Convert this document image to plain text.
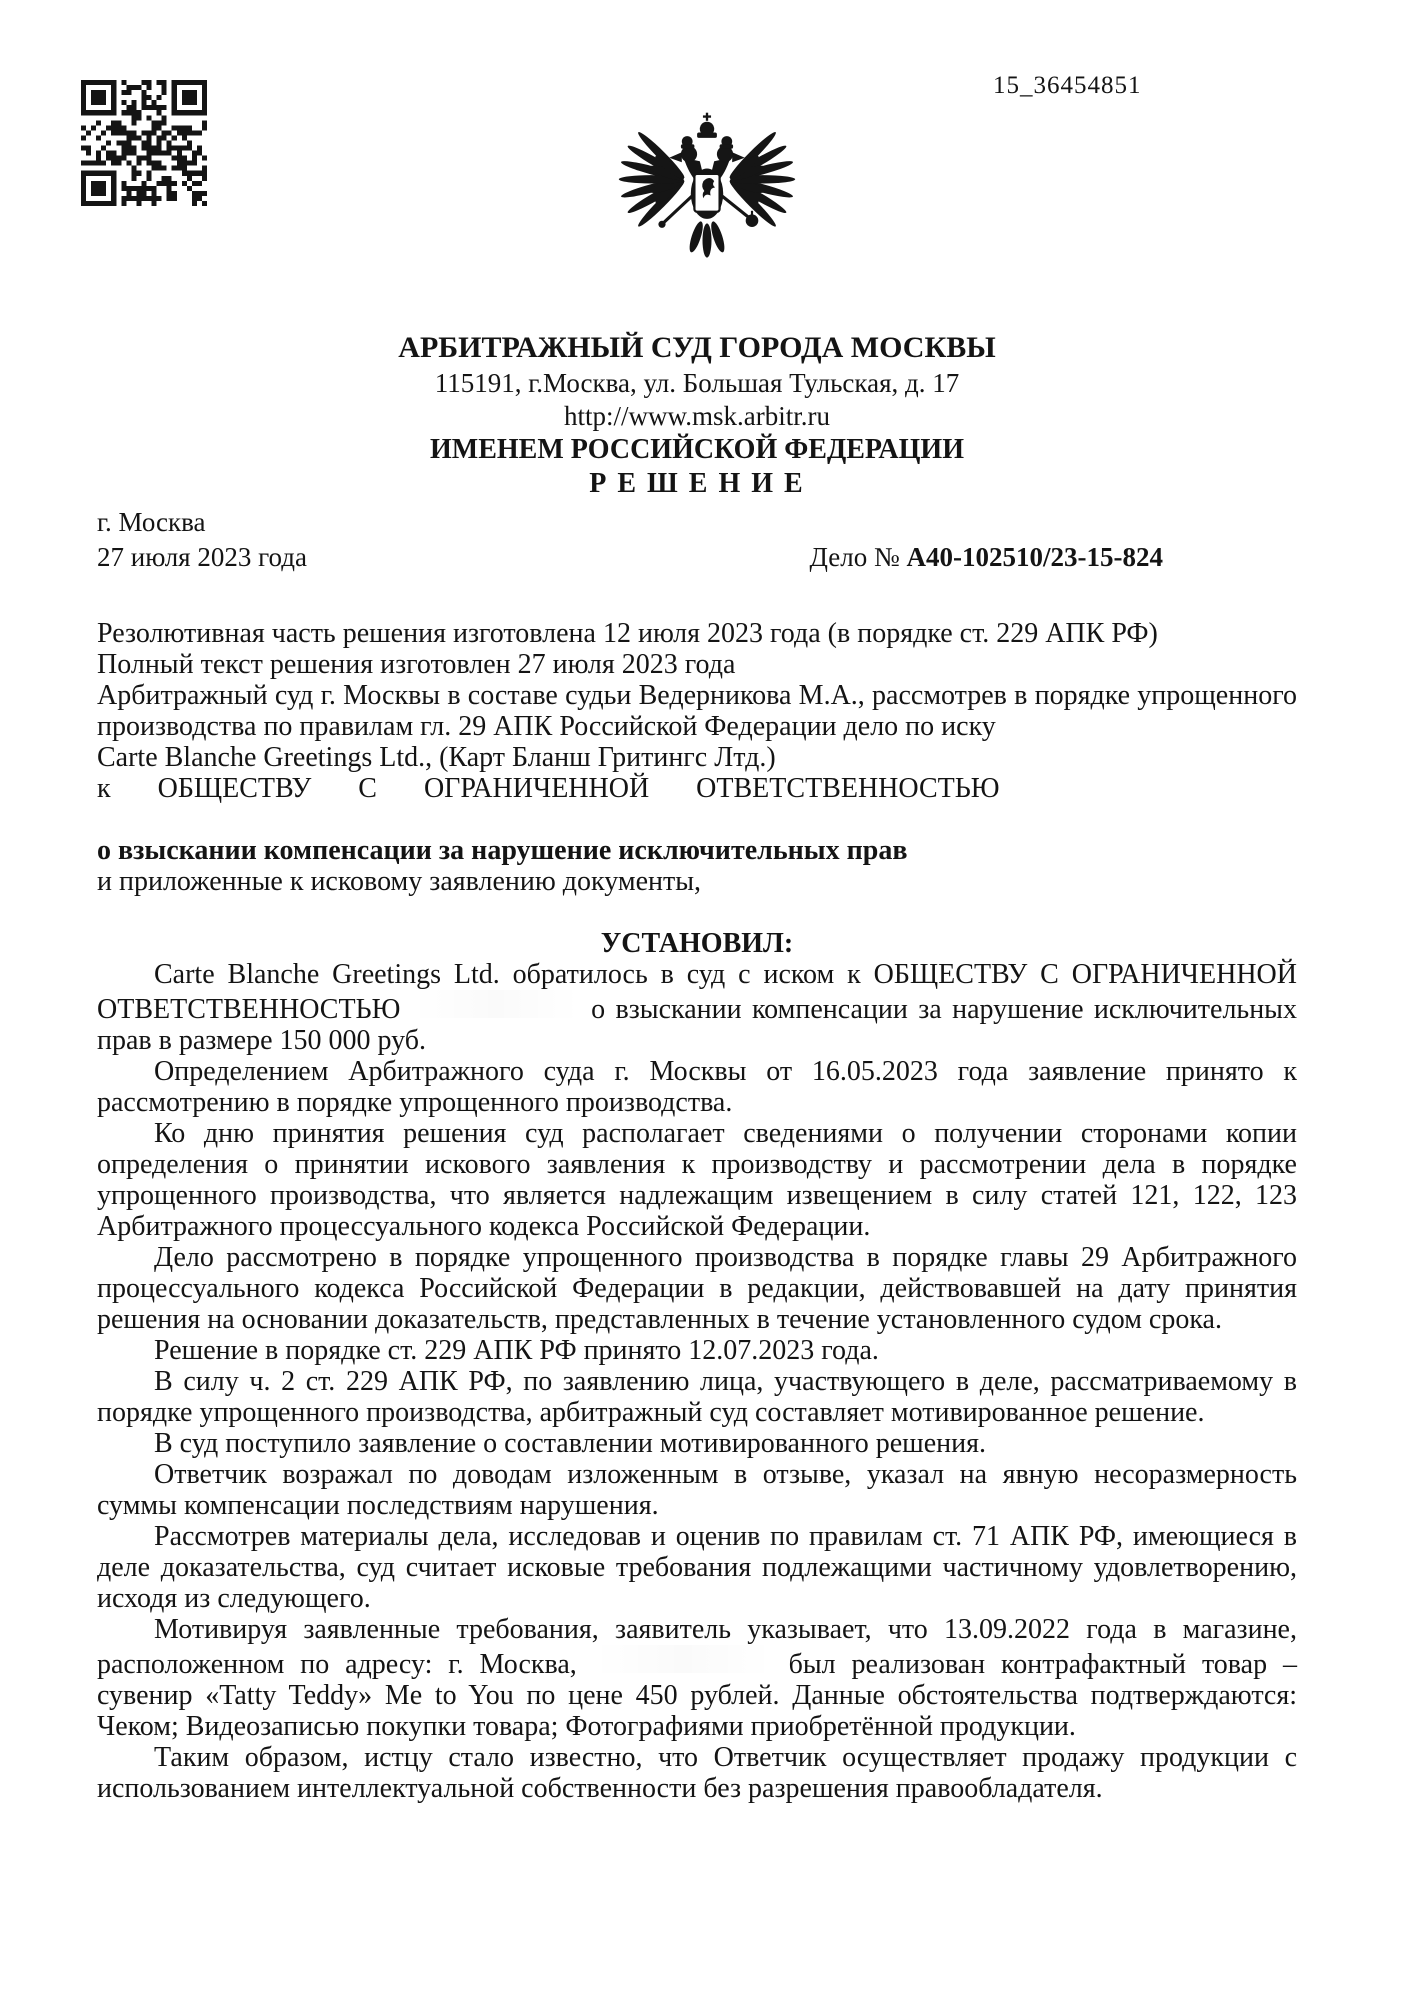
15_36454851
АРБИТРАЖНЫЙ СУД ГОРОДА МОСКВЫ
115191, г.Москва, ул. Большая Тульская, д. 17
http://www.msk.arbitr.ru
ИМЕНЕМ РОССИЙСКОЙ ФЕДЕРАЦИИ
Р Е Ш Е Н И Е
г. Москва
27 июля 2023 года	Дело № А40-102510/23-15-824

Резолютивная часть решения изготовлена 12 июля 2023 года (в порядке ст. 229 АПК РФ)

Полный текст решения изготовлен 27 июля 2023 года

Арбитражный суд г. Москвы в составе судьи Ведерникова М.А., рассмотрев в порядке упрощенного производства по правилам гл. 29 АПК Российской Федерации дело по иску

Carte Blanche Greetings Ltd., (Карт Бланш Гритингс Лтд.)

к ОБЩЕСТВУ С ОГРАНИЧЕННОЙ ОТВЕТСТВЕННОСТЬЮ

о взыскании компенсации за нарушение исключительных прав

и приложенные к исковому заявлению документы,

УСТАНОВИЛ:

Carte Blanche Greetings Ltd. обратилось в суд с иском к ОБЩЕСТВУ С ОГРАНИЧЕННОЙ ОТВЕТСТВЕННОСТЬЮ	о взыскании компенсации за нарушение исключительных прав в размере 150 000 руб.

Определением Арбитражного суда г. Москвы от 16.05.2023 года заявление принято к рассмотрению в порядке упрощенного производства.

Ко дню принятия решения суд располагает сведениями о получении сторонами копии определения о принятии искового заявления к производству и рассмотрении дела в порядке упрощенного производства, что является надлежащим извещением в силу статей 121, 122, 123 Арбитражного процессуального кодекса Российской Федерации.

Дело рассмотрено в порядке упрощенного производства в порядке главы 29 Арбитражного процессуального кодекса Российской Федерации в редакции, действовавшей на дату принятия решения на основании доказательств, представленных в течение установленного судом срока.

Решение в порядке ст. 229 АПК РФ принято 12.07.2023 года.

В силу ч. 2 ст. 229 АПК РФ, по заявлению лица, участвующего в деле, рассматриваемому в порядке упрощенного производства, арбитражный суд составляет мотивированное решение.

В суд поступило заявление о составлении мотивированного решения.

Ответчик возражал по доводам изложенным в отзыве, указал на явную несоразмерность суммы компенсации последствиям нарушения.

Рассмотрев материалы дела, исследовав и оценив по правилам ст. 71 АПК РФ, имеющиеся в деле доказательства, суд считает исковые требования подлежащими частичному удовлетворению, исходя из следующего.

Мотивируя заявленные требования, заявитель указывает, что 13.09.2022 года в магазине, расположенном по адресу: г. Москва,	был реализован контрафактный товар – сувенир «Tatty Teddy» Me to You по цене 450 рублей. Данные обстоятельства подтверждаются: Чеком; Видеозаписью покупки товара; Фотографиями приобретённой продукции.

Таким образом, истцу стало известно, что Ответчик осуществляет продажу продукции с использованием интеллектуальной собственности без разрешения правообладателя.
